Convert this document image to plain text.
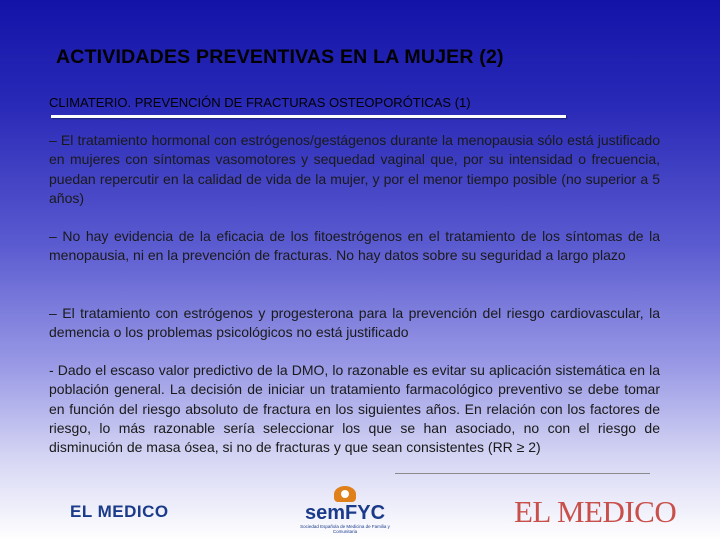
ACTIVIDADES PREVENTIVAS EN LA MUJER (2)
CLIMATERIO. PREVENCIÓN DE FRACTURAS OSTEOPORÓTICAS (1)

– El tratamiento hormonal con estrógenos/gestágenos durante la menopausia sólo está justificado en mujeres con síntomas vasomotores y sequedad vaginal que, por su intensidad o frecuencia, puedan repercutir en la calidad de vida de la mujer, y por el menor tiempo posible (no superior a 5 años)

– No hay evidencia de la eficacia de los fitoestrógenos en el tratamiento de los síntomas de la menopausia, ni en la prevención de fracturas. No hay datos sobre su seguridad a largo plazo

– El tratamiento con estrógenos y progesterona para la prevención del riesgo cardiovascular, la demencia o los problemas psicológicos no está justificado

- Dado el escaso valor predictivo de la DMO, lo razonable es evitar su aplicación sistemática en la población general. La decisión de iniciar un tratamiento farmacológico preventivo se debe tomar en función del riesgo absoluto de fractura en los siguientes años. En relación con los factores de riesgo, lo más razonable sería seleccionar los que se han asociado, no con el riesgo de disminución de masa ósea, si no de fracturas y que sean consistentes (RR ≥ 2)

EL MEDICO	semFYC
Sociedad Española de Medicina de Familia y Comunitaria
EL MEDICO
